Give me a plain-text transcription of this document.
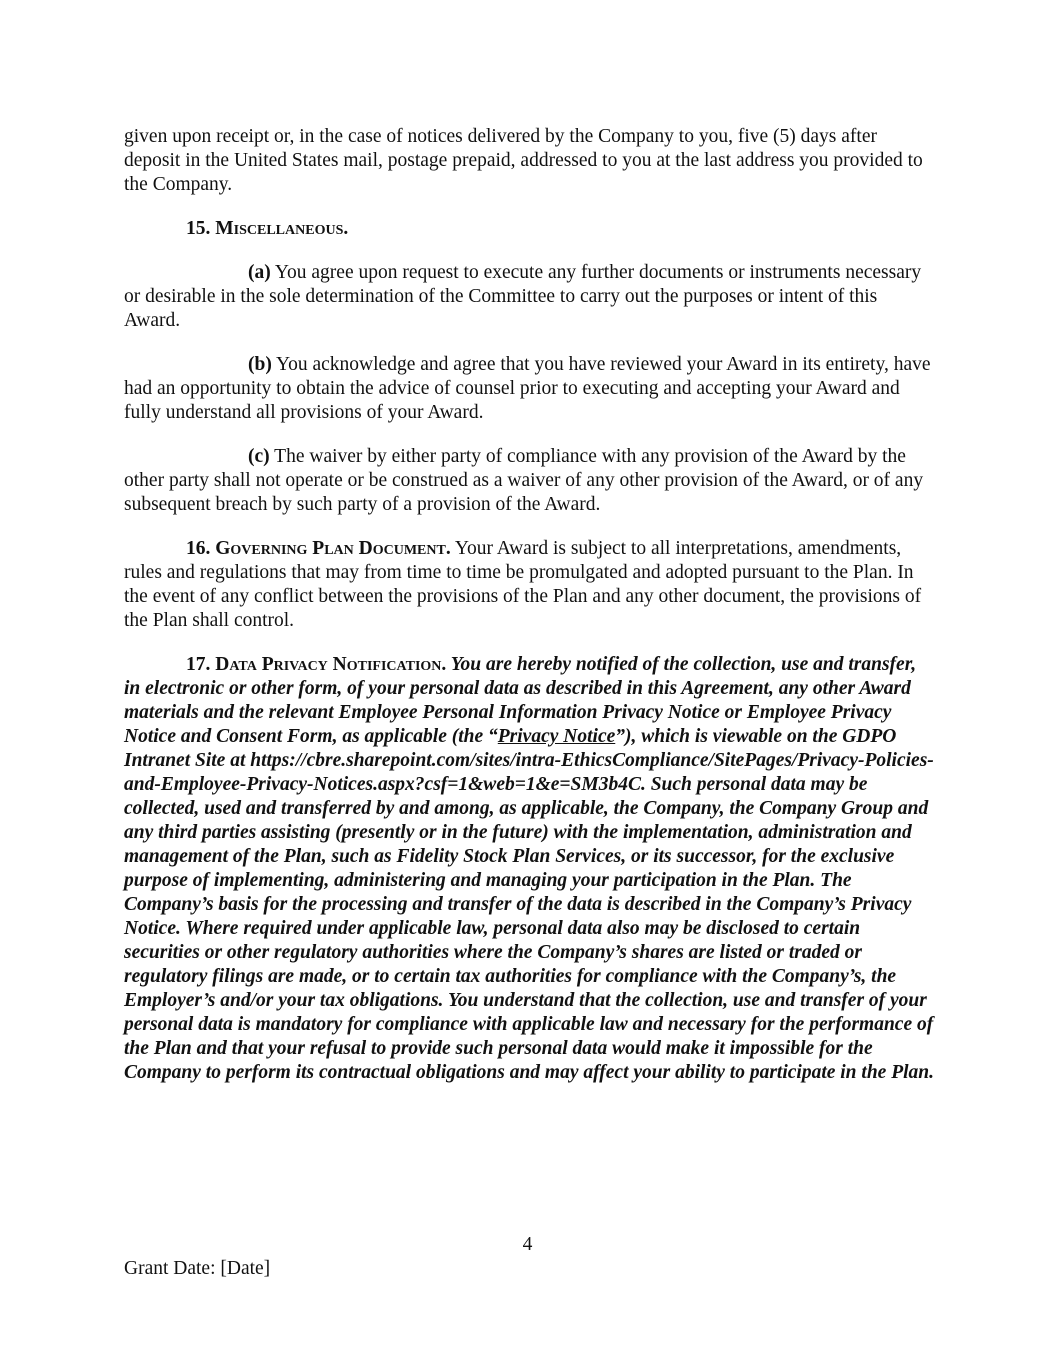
given upon receipt or, in the case of notices delivered by the Company to you, five (5) days after deposit in the United States mail, postage prepaid, addressed to you at the last address you provided to the Company.

15. Miscellaneous.

(a) You agree upon request to execute any further documents or instruments necessary or desirable in the sole determination of the Committee to carry out the purposes or intent of this Award.

(b) You acknowledge and agree that you have reviewed your Award in its entirety, have had an opportunity to obtain the advice of counsel prior to executing and accepting your Award and fully understand all provisions of your Award.

(c) The waiver by either party of compliance with any provision of the Award by the other party shall not operate or be construed as a waiver of any other provision of the Award, or of any subsequent breach by such party of a provision of the Award.

16. Governing Plan Document. Your Award is subject to all interpretations, amendments, rules and regulations that may from time to time be promulgated and adopted pursuant to the Plan. In the event of any conflict between the provisions of the Plan and any other document, the provisions of the Plan shall control.

17. Data Privacy Notification. You are hereby notified of the collection, use and transfer, in electronic or other form, of your personal data as described in this Agreement, any other Award materials and the relevant Employee Personal Information Privacy Notice or Employee Privacy Notice and Consent Form, as applicable (the “Privacy Notice”), which is viewable on the GDPO Intranet Site at https://cbre.sharepoint.com/sites/intra-EthicsCompliance/SitePages/Privacy-Policies-and-Employee-Privacy-Notices.aspx?csf=1&web=1&e=SM3b4C. Such personal data may be collected, used and transferred by and among, as applicable, the Company, the Company Group and any third parties assisting (presently or in the future) with the implementation, administration and management of the Plan, such as Fidelity Stock Plan Services, or its successor, for the exclusive purpose of implementing, administering and managing your participation in the Plan. The Company’s basis for the processing and transfer of the data is described in the Company’s Privacy Notice. Where required under applicable law, personal data also may be disclosed to certain securities or other regulatory authorities where the Company’s shares are listed or traded or regulatory filings are made, or to certain tax authorities for compliance with the Company’s, the Employer’s and/or your tax obligations. You understand that the collection, use and transfer of your personal data is mandatory for compliance with applicable law and necessary for the performance of the Plan and that your refusal to provide such personal data would make it impossible for the Company to perform its contractual obligations and may affect your ability to participate in the Plan.

4
Grant Date: [Date]
